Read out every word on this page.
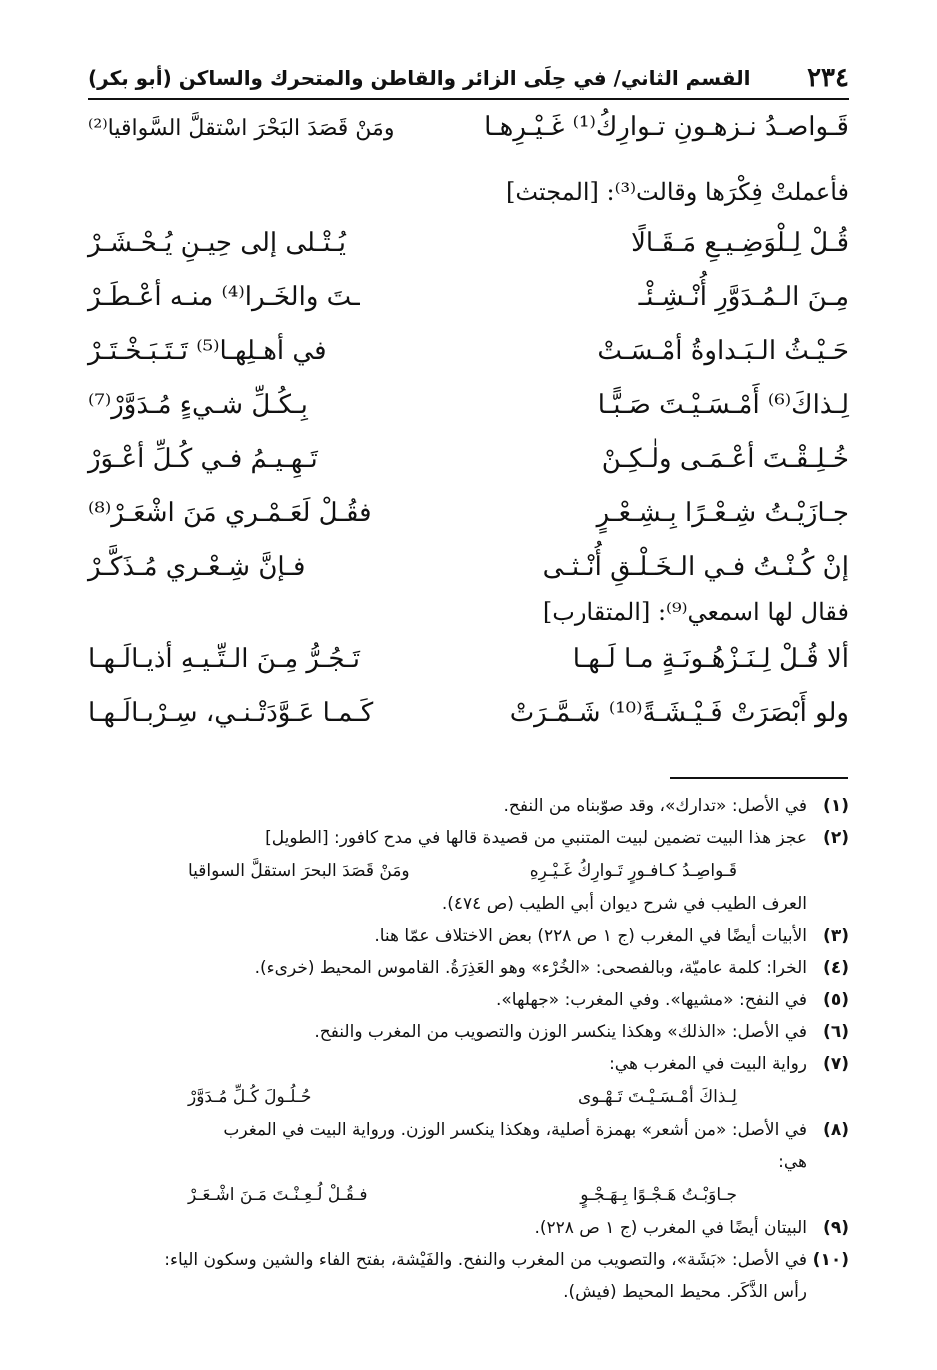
٢٣٤
القسم الثاني/ في حِلَى الزائر والقاطن والمتحرك والساكن (أبو بكر)
قَـواصـدُ نـزهـونِ تـوارِكُ⁽¹⁾ غَـيْـرِهـا
ومَنْ قَصَدَ البَحْرَ اسْتقلَّ السَّواقيا⁽²⁾
فأعملتْ فِكْرَها وقالت⁽³⁾: [المجتث]
قُـلْ لِـلْوَضِـيـعِ مَـقَـالًا
يُـتْـلى إلى حِيـنِ يُـحْـشَـرْ
مِـنَ الـمُـدَوَّرِ أُنْـشِـئْـ
ـتَ والخَـرا⁽⁴⁾ منـه أعْـطَـرْ
حَـيْـثُ الـبَـداوةُ أمْـسَـتْ
في أهـلِهـا⁽⁵⁾ تَـتَـبَـخْـتَـرْ
لِـذاكَ⁽⁶⁾ أَمْـسَـيْـتَ صَـبًّـا
بِـكُـلِّ شـيءٍ مُـدَوَّرْ⁽⁷⁾
خُـلِـقْـتَ أعْـمَـى ولٰـكِـنْ
تَـهِـيـمُ فـي كُـلِّ أعْـوَرْ
جـازَيْـتُ شِـعْـرًا بِـشِـعْـرٍ
فقُـلْ لَعَـمْـري مَنَ اشْعَـرْ⁽⁸⁾
إنْ كُـنْـتُ فـي الـخَـلْـقِ أُنْـثـى
فـإنَّ شِـعْـري مُـذَكَّـرْ
فقال لها اسمعي⁽⁹⁾: [المتقارب]
ألا قُـلْ لِـنَـزْهُـونَـةٍ مـا لَـهـا
تَـجُـرُّ مِـنَ الـتِّـيـهِ أذيـالَـهـا
ولو أَبْصَرَتْ فَـيْـشَـةً⁽¹⁰⁾ شَـمَّـرَتْ
كَـمـا عَـوَّدَتْـنـي، سِـرْبـالَـهـا
(١)
في الأصل: «تدارك»، وقد صوّبناه من النفح.
(٢)
عجز هذا البيت تضمين لبيت المتنبي من قصيدة قالها في مدح كافور: [الطويل]
قَـواصِـدُ كـافـورٍ تَـوارِكُ غَـيْـرِهِ
ومَنْ قَصَدَ البحرَ استقلَّ السواقيا
العرف الطيب في شرح ديوان أبي الطيب (ص ٤٧٤).
(٣)
الأبيات أيضًا في المغرب (ج ١ ص ٢٢٨) بعض الاختلاف عمّا هنا.
(٤)
الخرا: كلمة عاميّة، وبالفصحى: «الخُرْء» وهو العَذِرَةُ. القاموس المحيط (خرىء).
(٥)
في النفح: «مشيها». وفي المغرب: «جهلها».
(٦)
في الأصل: «الذلك» وهكذا ينكسر الوزن والتصويب من المغرب والنفح.
(٧)
رواية البيت في المغرب هي:
لِـذاكَ أمْـسَـيْـتَ تَـهْـوى
حُـلُـولَ كُـلِّ مُـدَوَّرْ
(٨)
في الأصل: «من أشعر» بهمزة أصلية، وهكذا ينكسر الوزن. ورواية البيت في المغرب
هي:
جـاوَبْـتُ هَـجْـوًا بِـهَـجْـوٍ
فـقُـلْ لُـعِـنْـتَ مَـنَ اشْـعَـرْ
(٩)
البيتان أيضًا في المغرب (ج ١ ص ٢٢٨).
(١٠)
في الأصل: «بَشَة»، والتصويب من المغرب والنفح. والفَيْشة، بفتح الفاء والشين وسكون الياء:
رأس الذَّكَر. محيط المحيط (فيش).
